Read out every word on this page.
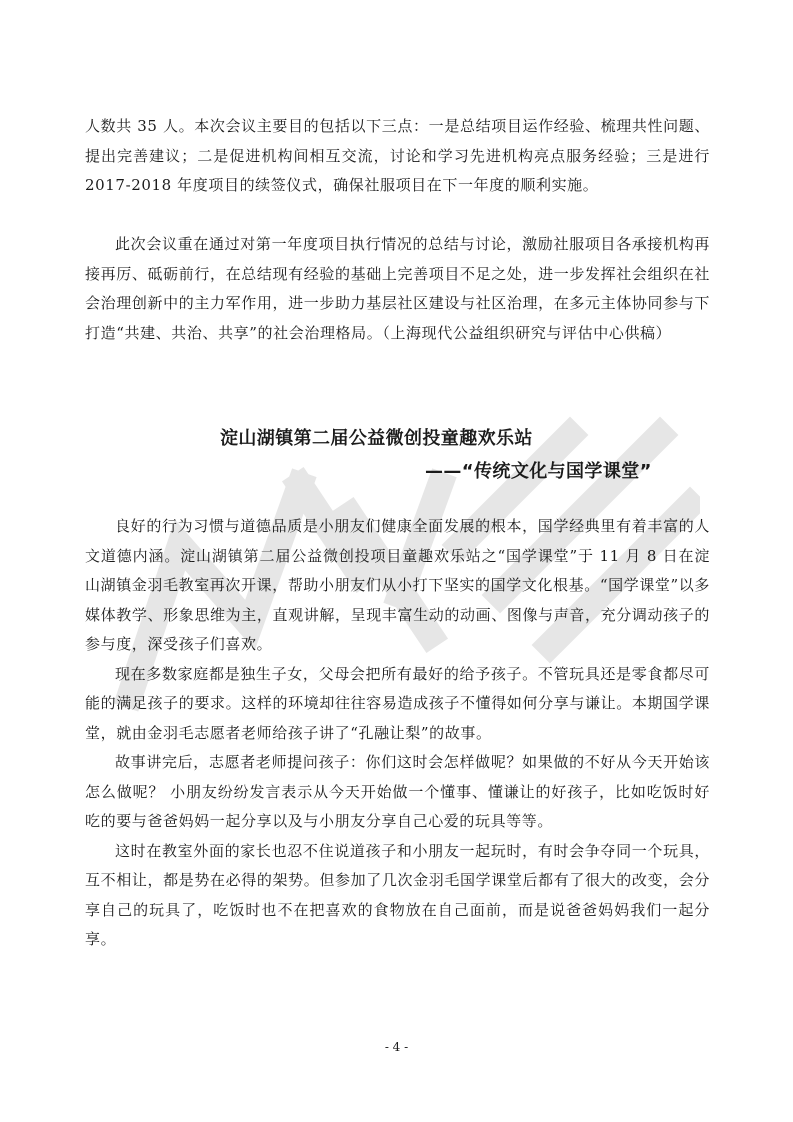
人数共 35 人。本次会议主要目的包括以下三点：一是总结项目运作经验、梳理共性问题、提出完善建议；二是促进机构间相互交流，讨论和学习先进机构亮点服务经验；三是进行 2017-2018 年度项目的续签仪式，确保社服项目在下一年度的顺利实施。

此次会议重在通过对第一年度项目执行情况的总结与讨论，激励社服项目各承接机构再接再厉、砥砺前行，在总结现有经验的基础上完善项目不足之处，进一步发挥社会组织在社会治理创新中的主力军作用，进一步助力基层社区建设与社区治理，在多元主体协同参与下打造“共建、共治、共享”的社会治理格局。（上海现代公益组织研究与评估中心供稿）

淀山湖镇第二届公益微创投童趣欢乐站
——“传统文化与国学课堂”

良好的行为习惯与道德品质是小朋友们健康全面发展的根本，国学经典里有着丰富的人文道德内涵。淀山湖镇第二届公益微创投项目童趣欢乐站之“国学课堂”于 11 月 8 日在淀山湖镇金羽毛教室再次开课，帮助小朋友们从小打下坚实的国学文化根基。“国学课堂”以多媒体教学、形象思维为主，直观讲解，呈现丰富生动的动画、图像与声音，充分调动孩子的参与度，深受孩子们喜欢。

现在多数家庭都是独生子女，父母会把所有最好的给予孩子。不管玩具还是零食都尽可能的满足孩子的要求。这样的环境却往往容易造成孩子不懂得如何分享与谦让。本期国学课堂，就由金羽毛志愿者老师给孩子讲了“孔融让梨”的故事。

故事讲完后，志愿者老师提问孩子：你们这时会怎样做呢？如果做的不好从今天开始该怎么做呢？ 小朋友纷纷发言表示从今天开始做一个懂事、懂谦让的好孩子，比如吃饭时好吃的要与爸爸妈妈一起分享以及与小朋友分享自己心爱的玩具等等。

这时在教室外面的家长也忍不住说道孩子和小朋友一起玩时，有时会争夺同一个玩具，互不相让，都是势在必得的架势。但参加了几次金羽毛国学课堂后都有了很大的改变，会分享自己的玩具了，吃饭时也不在把喜欢的食物放在自己面前，而是说爸爸妈妈我们一起分享。

- 4 -
